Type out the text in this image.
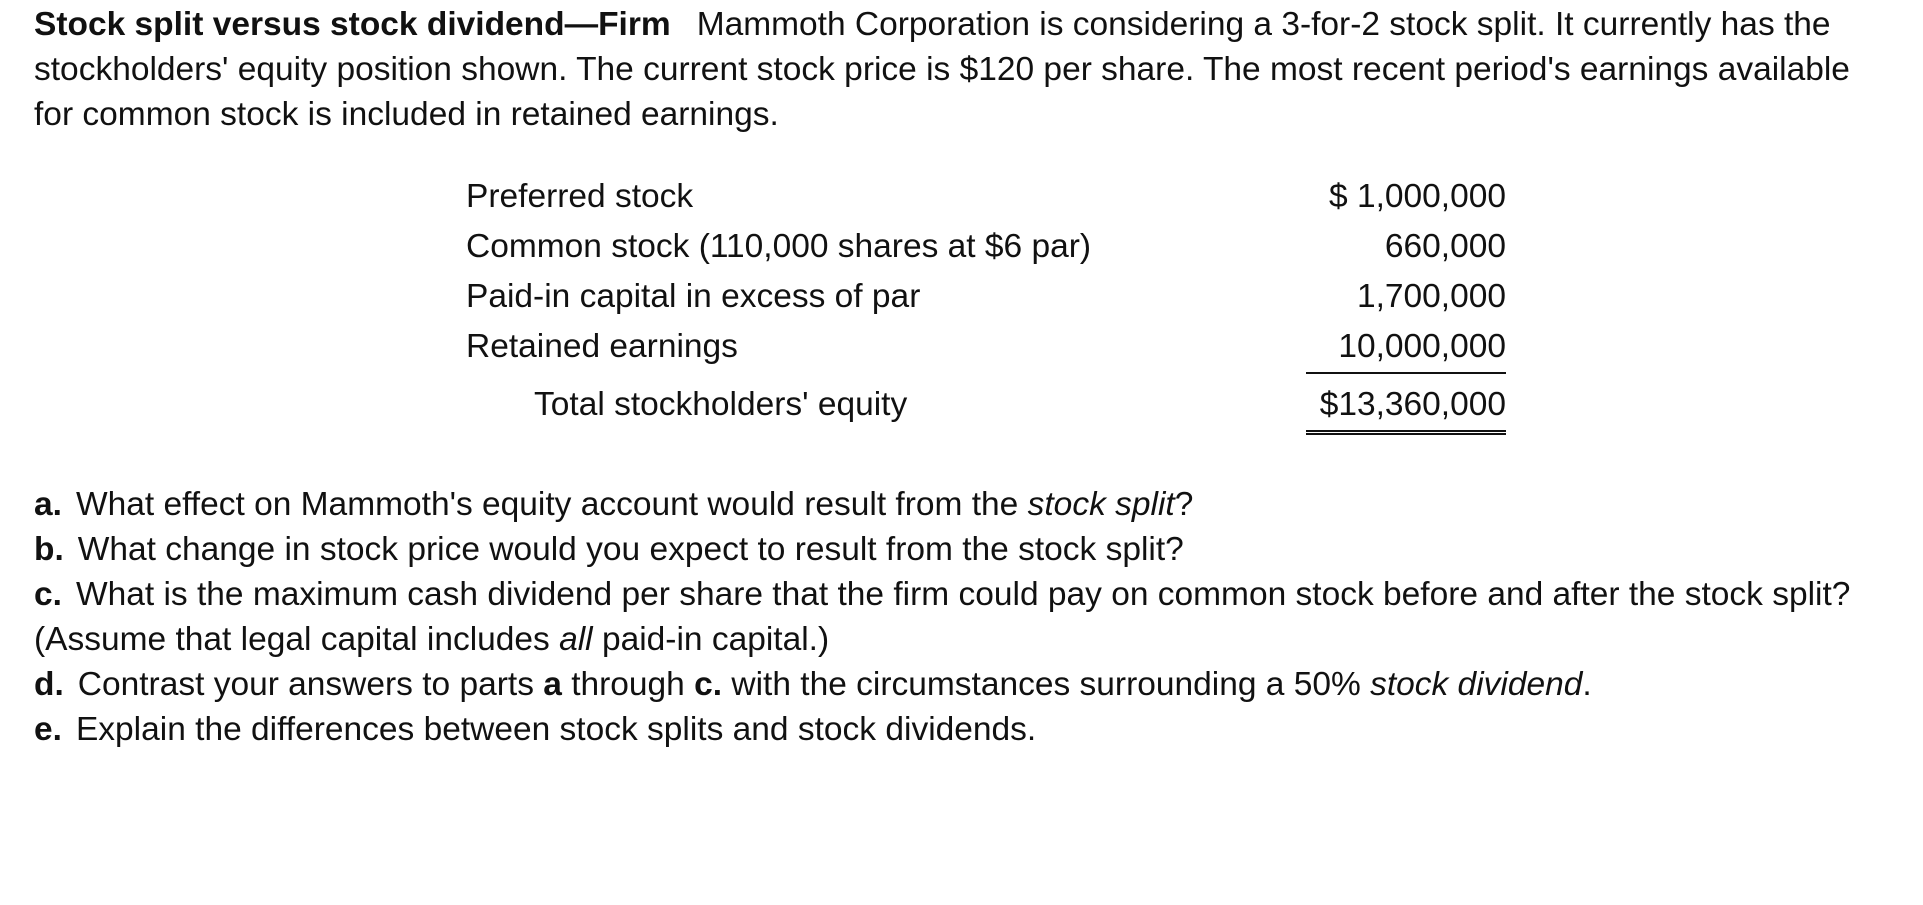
Stock split versus stock dividend—Firm Mammoth Corporation is considering a 3-for-2 stock split. It currently has the stockholders' equity position shown. The current stock price is $120 per share. The most recent period's earnings available for common stock is included in retained earnings.
Preferred stock	$ 1,000,000
Common stock (110,000 shares at $6 par)	660,000
Paid-in capital in excess of par	1,700,000
Retained earnings	10,000,000
Total stockholders' equity	$13,360,000

a. What effect on Mammoth's equity account would result from the stock split?

b. What change in stock price would you expect to result from the stock split?

c. What is the maximum cash dividend per share that the firm could pay on common stock before and after the stock split? (Assume that legal capital includes all paid-in capital.)

d. Contrast your answers to parts a through c. with the circumstances surrounding a 50% stock dividend.

e. Explain the differences between stock splits and stock dividends.
